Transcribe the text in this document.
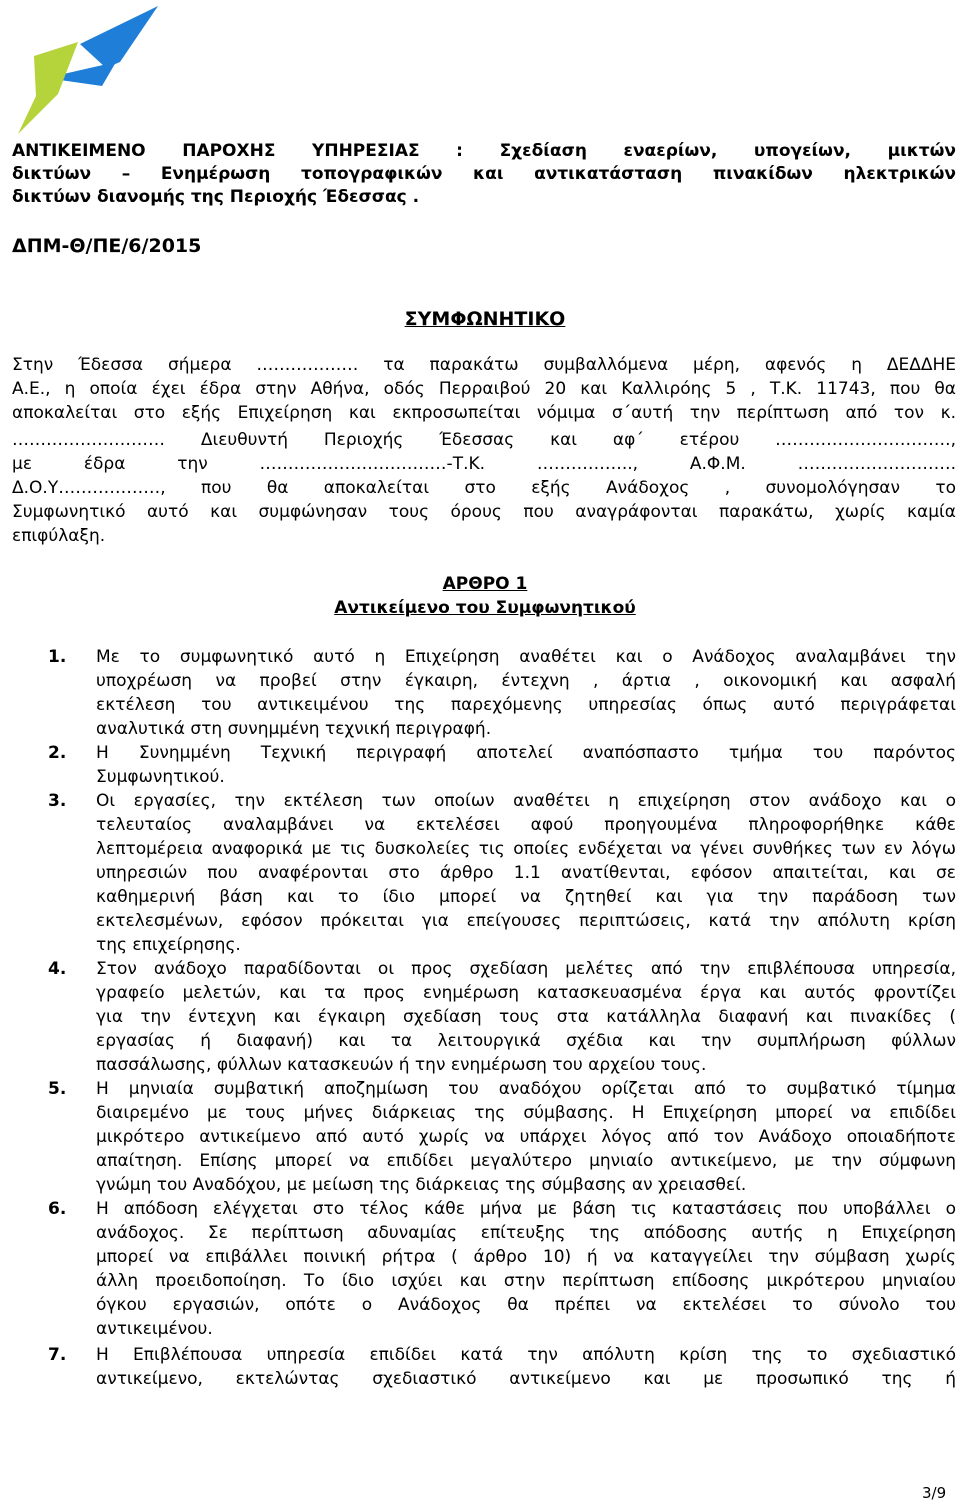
ΑΝΤΙΚΕΙΜΕΝΟ ΠΑΡΟΧΗΣ ΥΠΗΡΕΣΙΑΣ : Σχεδίαση εναερίων, υπογείων, μικτών
δικτύων – Ενημέρωση τοπογραφικών και αντικατάσταση πινακίδων ηλεκτρικών
δικτύων διανομής της Περιοχής Έδεσσας .
ΔΠΜ-Θ/ΠΕ/6/2015
ΣΥΜΦΩΝΗΤΙΚΟ
Στην Έδεσσα σήμερα ……………… τα παρακάτω συμβαλλόμενα μέρη, αφενός η ΔΕΔΔΗΕ
Α.Ε., η οποία έχει έδρα στην Αθήνα, οδός Περραιβού 20 και Καλλιρόης 5 , Τ.Κ. 11743, που θα
αποκαλείται στο εξής Επιχείρηση και εκπροσωπείται νόμιμα σ΄αυτή την περίπτωση από τον κ.
……………………… Διευθυντή Περιοχής Έδεσσας και αφ΄ ετέρου ………………………….,
με έδρα την ……………………………-Τ.Κ. …………….., Α.Φ.Μ. ……………………….
Δ.Ο.Υ………………, που θα αποκαλείται στο εξής Ανάδοχος , συνομολόγησαν το
Συμφωνητικό αυτό και συμφώνησαν τους όρους που αναγράφονται παρακάτω, χωρίς καμία
επιφύλαξη.
ΑΡΘΡΟ 1
Αντικείμενο του Συμφωνητικού
1. Με το συμφωνητικό αυτό η Επιχείρηση αναθέτει και ο Ανάδοχος αναλαμβάνει την
υποχρέωση να προβεί στην έγκαιρη, έντεχνη , άρτια , οικονομική και ασφαλή
εκτέλεση του αντικειμένου της παρεχόμενης υπηρεσίας όπως αυτό περιγράφεται
αναλυτικά στη συνημμένη τεχνική περιγραφή.
2. Η Συνημμένη Τεχνική περιγραφή αποτελεί αναπόσπαστο τμήμα του παρόντος
Συμφωνητικού.
3. Οι εργασίες, την εκτέλεση των οποίων αναθέτει η επιχείρηση στον ανάδοχο και ο
τελευταίος αναλαμβάνει να εκτελέσει αφού προηγουμένα πληροφορήθηκε κάθε
λεπτομέρεια αναφορικά με τις δυσκολείες τις οποίες ενδέχεται να γένει συνθήκες των εν λόγω
υπηρεσιών που αναφέρονται στο άρθρο 1.1 ανατίθενται, εφόσον απαιτείται, και σε
καθημερινή βάση και το ίδιο μπορεί να ζητηθεί και για την παράδοση των
εκτελεσμένων, εφόσον πρόκειται για επείγουσες περιπτώσεις, κατά την απόλυτη κρίση
της επιχείρησης.
4. Στον ανάδοχο παραδίδονται οι προς σχεδίαση μελέτες από την επιβλέπουσα υπηρεσία,
γραφείο μελετών, και τα προς ενημέρωση κατασκευασμένα έργα και αυτός φροντίζει
για την έντεχνη και έγκαιρη σχεδίαση τους στα κατάλληλα διαφανή και πινακίδες (
εργασίας ή διαφανή) και τα λειτουργικά σχέδια και την συμπλήρωση φύλλων
πασσάλωσης, φύλλων κατασκευών ή την ενημέρωση του αρχείου τους.
5. Η μηνιαία συμβατική αποζημίωση του αναδόχου ορίζεται από το συμβατικό τίμημα
διαιρεμένο με τους μήνες διάρκειας της σύμβασης. Η Επιχείρηση μπορεί να επιδίδει
μικρότερο αντικείμενο από αυτό χωρίς να υπάρχει λόγος από τον Ανάδοχο οποιαδήποτε
απαίτηση. Επίσης μπορεί να επιδίδει μεγαλύτερο μηνιαίο αντικείμενο, με την σύμφωνη
γνώμη του Αναδόχου, με μείωση της διάρκειας της σύμβασης αν χρειασθεί.
6. Η απόδοση ελέγχεται στο τέλος κάθε μήνα με βάση τις καταστάσεις που υποβάλλει ο
ανάδοχος. Σε περίπτωση αδυναμίας επίτευξης της απόδοσης αυτής η Επιχείρηση
μπορεί να επιβάλλει ποινική ρήτρα ( άρθρο 10) ή να καταγγείλει την σύμβαση χωρίς
άλλη προειδοποίηση. Το ίδιο ισχύει και στην περίπτωση επίδοσης μικρότερου μηνιαίου
όγκου εργασιών, οπότε ο Ανάδοχος θα πρέπει να εκτελέσει το σύνολο του
αντικειμένου.
7. Η Επιβλέπουσα υπηρεσία επιδίδει κατά την απόλυτη κρίση της το σχεδιαστικό
αντικείμενο, εκτελώντας σχεδιαστικό αντικείμενο και με προσωπικό της ή
3/9
